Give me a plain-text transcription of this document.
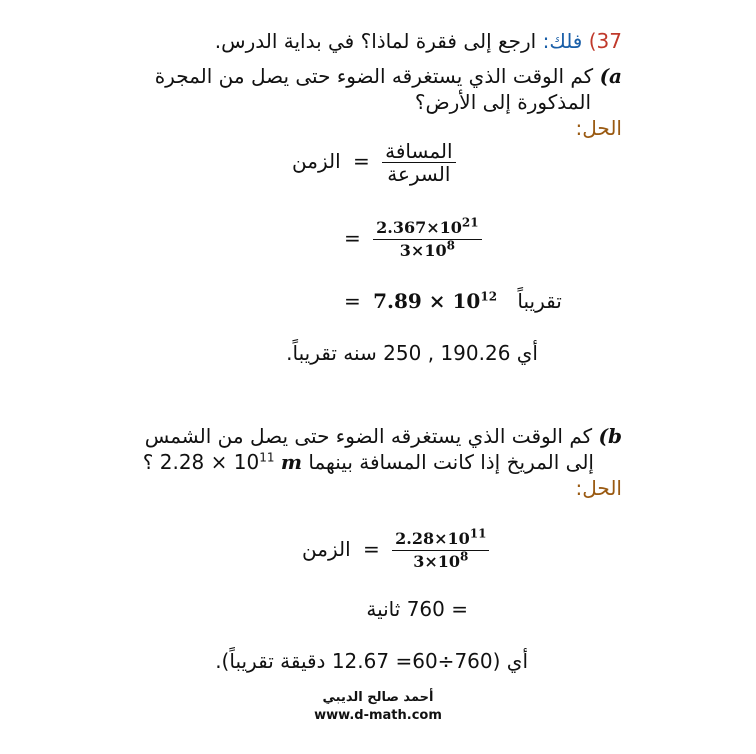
37) فلك: ارجع إلى فقرة لماذا؟ في بداية الدرس.
a) كم الوقت الذي يستغرقه الضوء حتى يصل من المجرة
المذكورة إلى الأرض؟
الحل:
الزمن = $\frac{\text{المسافة}}{\text{السرعة}}$
= $\frac{2.367\times 10^{21}}{3\times 10^8}$
= $7.89 \times 10^{12}$ تقريباً
أي 190.26 , 250 سنه تقريباً.
b) كم الوقت الذي يستغرقه الضوء حتى يصل من الشمس
إلى المريخ إذا كانت المسافة بينهما m $2.28 \times 10^{11}$ ؟
الحل:
الزمن = $\frac{2.28\times 10^{11}}{3\times 10^8}$
= 760 ثانية
أي (760÷60= 12.67 دقيقة تقريباً).
أحمد صالح الديبي
www.d-math.com
